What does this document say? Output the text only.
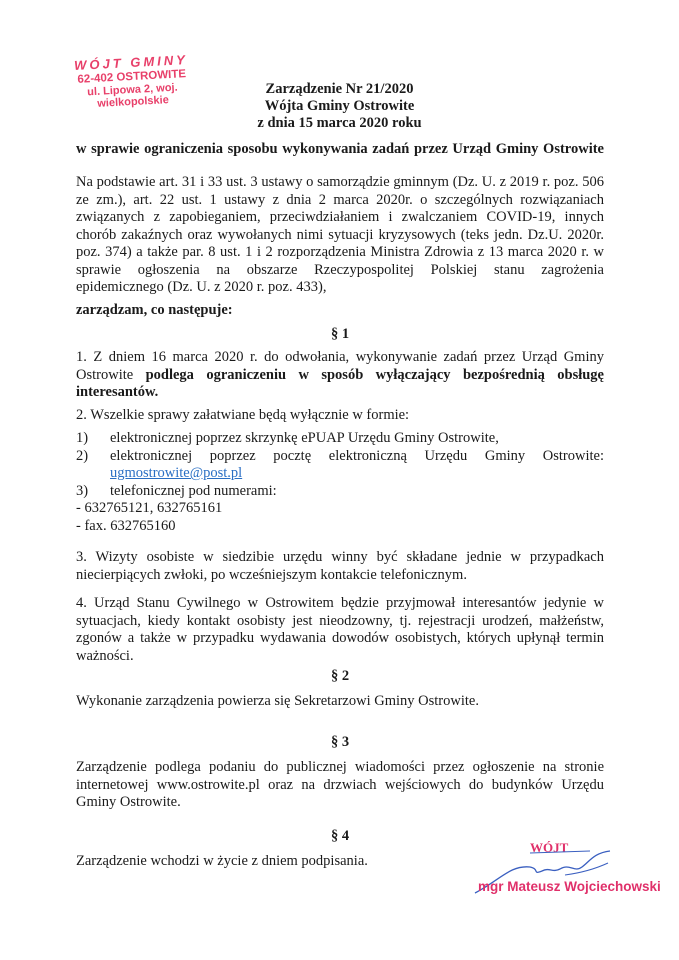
WÓJT GMINY
62-402 OSTROWITE
ul. Lipowa 2, woj. wielkopolskie
Zarządzenie Nr 21/2020
Wójta Gminy Ostrowite
z dnia 15 marca 2020 roku
w sprawie ograniczenia sposobu wykonywania zadań przez Urząd Gminy Ostrowite
Na podstawie art. 31 i 33 ust. 3 ustawy o samorządzie gminnym (Dz. U. z 2019 r. poz. 506 ze zm.), art. 22 ust. 1 ustawy z dnia 2 marca 2020r. o szczególnych rozwiązaniach związanych z zapobieganiem, przeciwdziałaniem i zwalczaniem COVID-19, innych chorób zakaźnych oraz wywołanych nimi sytuacji kryzysowych (teks jedn. Dz.U. 2020r. poz. 374) a także par. 8 ust. 1 i 2 rozporządzenia Ministra Zdrowia z 13 marca 2020 r. w sprawie ogłoszenia na obszarze Rzeczypospolitej Polskiej stanu zagrożenia epidemicznego (Dz. U. z 2020 r. poz. 433),
zarządzam, co następuje:
§ 1
1. Z dniem 16 marca 2020 r. do odwołania, wykonywanie zadań przez Urząd Gminy Ostrowite podlega ograniczeniu w sposób wyłączający bezpośrednią obsługę interesantów.
2. Wszelkie sprawy załatwiane będą wyłącznie w formie:
1)	elektronicznej poprzez skrzynkę ePUAP Urzędu Gminy Ostrowite,
2)	elektronicznej poprzez pocztę elektroniczną Urzędu Gminy Ostrowite:
ugmostrowite@post.pl
3)	telefonicznej pod numerami:
- 632765121, 632765161
- fax. 632765160
3. Wizyty osobiste w siedzibie urzędu winny być składane jednie w przypadkach niecierpiących zwłoki, po wcześniejszym kontakcie telefonicznym.
4. Urząd Stanu Cywilnego w Ostrowitem będzie przyjmował interesantów jedynie w sytuacjach, kiedy kontakt osobisty jest nieodzowny, tj. rejestracji urodzeń, małżeństw, zgonów a także w przypadku wydawania dowodów osobistych, których upłynął termin ważności.
§ 2
Wykonanie zarządzenia powierza się Sekretarzowi Gminy Ostrowite.
§ 3
Zarządzenie podlega podaniu do publicznej wiadomości przez ogłoszenie na stronie internetowej www.ostrowite.pl oraz na drzwiach wejściowych do budynków Urzędu Gminy Ostrowite.
§ 4
Zarządzenie wchodzi w życie z dniem podpisania.
WÓJT
mgr Mateusz Wojciechowski
